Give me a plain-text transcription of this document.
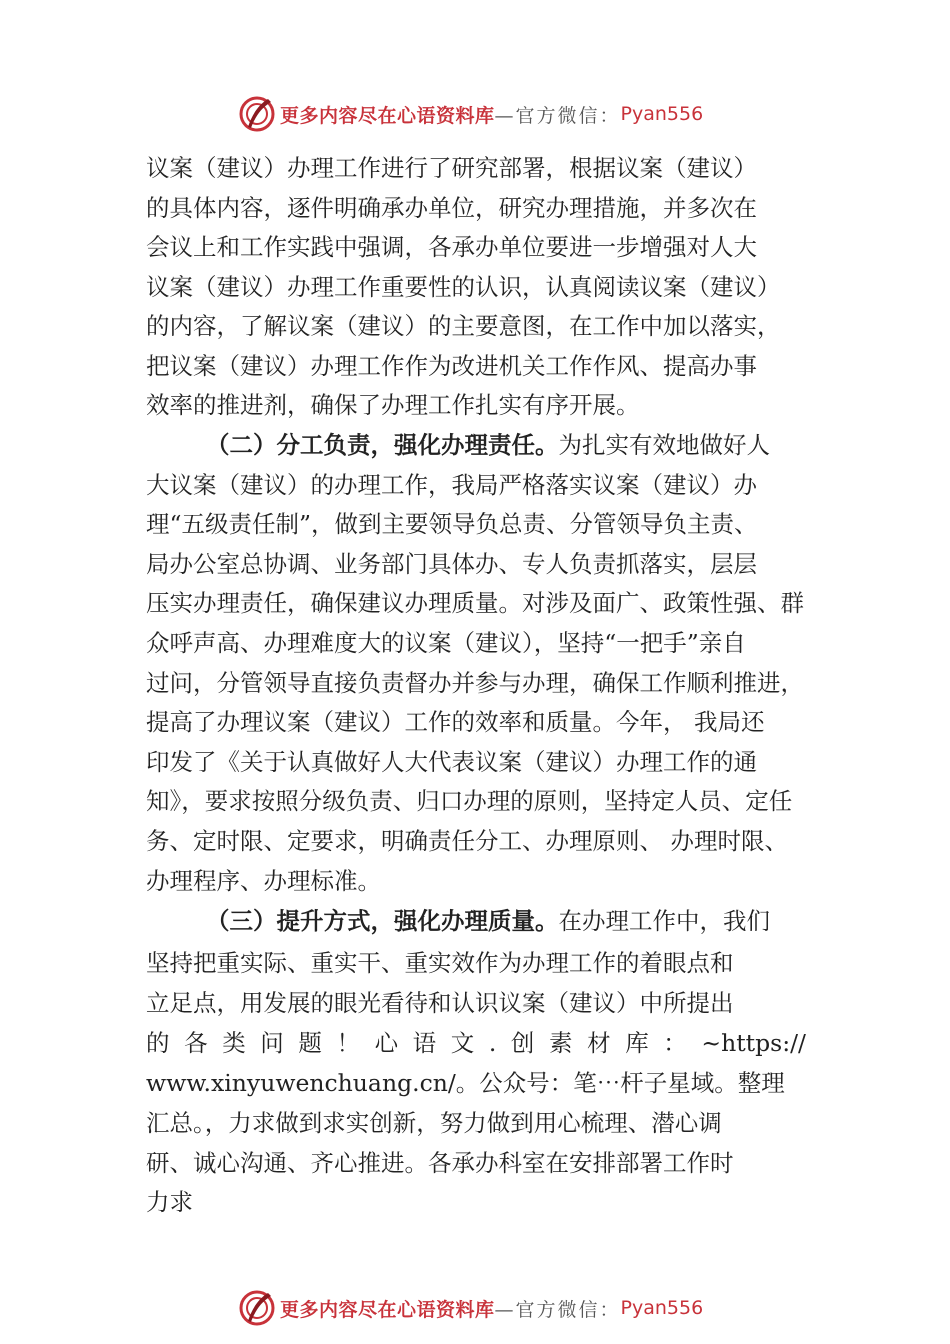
更多内容尽在心语资料库 —官方微信： Pyan556
议案（建议）办理工作进行了研究部署，根据议案（建议）
的具体内容，逐件明确承办单位，研究办理措施，并多次在
会议上和工作实践中强调，各承办单位要进一步增强对人大
议案（建议）办理工作重要性的认识，认真阅读议案（建议）
的内容，了解议案（建议）的主要意图，在工作中加以落实，
把议案（建议）办理工作作为改进机关工作作风、提高办事
效率的推进剂，确保了办理工作扎实有序开展。
（二）分工负责，强化办理责任。为扎实有效地做好人
大议案（建议）的办理工作，我局严格落实议案（建议）办
理“五级责任制”，做到主要领导负总责、分管领导负主责、
局办公室总协调、业务部门具体办、专人负责抓落实，层层
压实办理责任，确保建议办理质量。对涉及面广、政策性强、群
众呼声高、办理难度大的议案（建议），坚持“一把手”亲自
过问，分管领导直接负责督办并参与办理，确保工作顺利推进，
提高了办理议案（建议）工作的效率和质量。今年， 我局还
印发了《关于认真做好人大代表议案（建议）办理工作的通
知》，要求按照分级负责、归口办理的原则，坚持定人员、定任
务、定时限、定要求，明确责任分工、办理原则、 办理时限、
办理程序、办理标准。
（三）提升方式，强化办理质量。在办理工作中，我们
坚持把重实际、重实干、重实效作为办理工作的着眼点和
立足点，用发展的眼光看待和认识议案（建议）中所提出
的 各 类 问 题 ！ 心 语 文 . 创 素 材 库 ： ~https://
www.xinyuwenchuang.cn/。公众号：笔⋯杆子星域。整理
汇总。，力求做到求实创新，努力做到用心梳理、潜心调
研、诚心沟通、齐心推进。各承办科室在安排部署工作时
力求
更多内容尽在心语资料库 —官方微信： Pyan556
